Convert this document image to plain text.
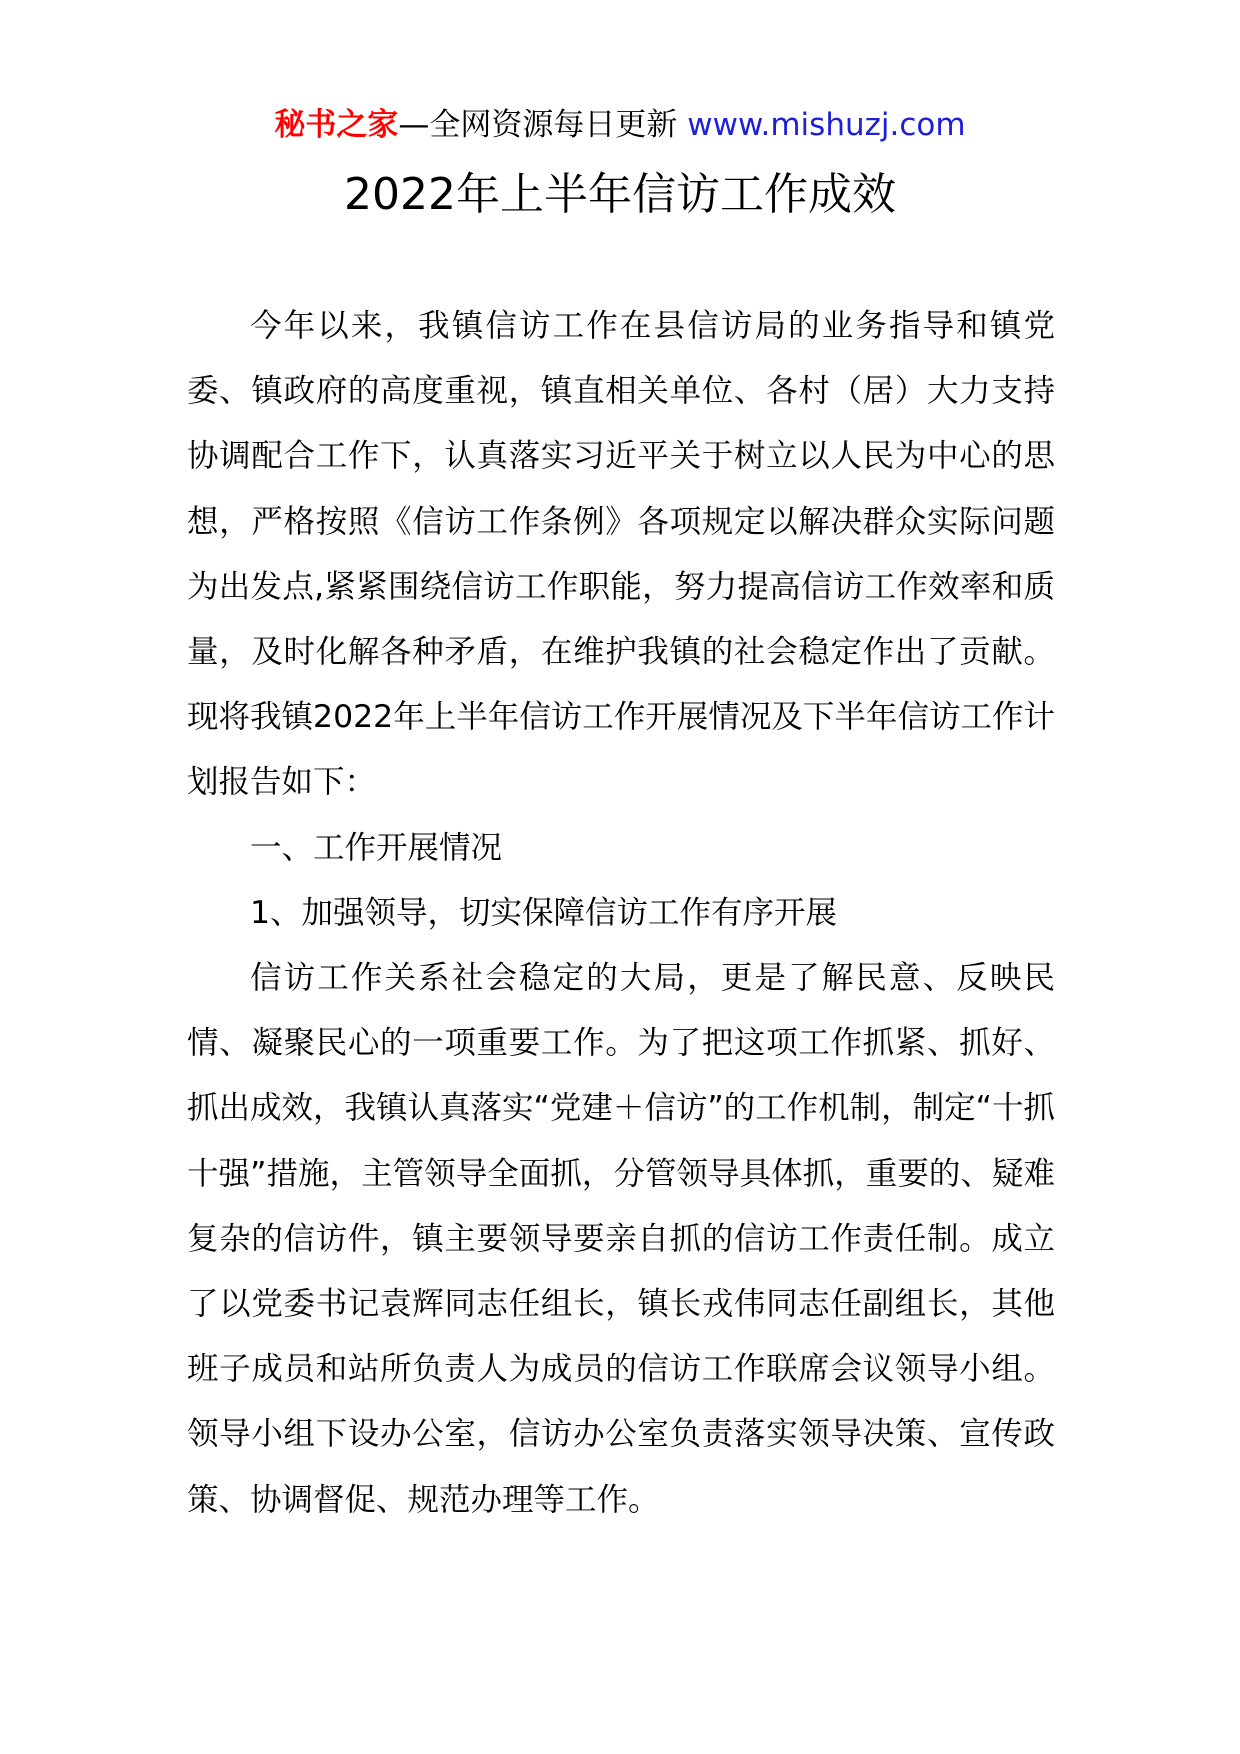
秘书之家—全网资源每日更新 www.mishuzj.com
2022年上半年信访工作成效

今年以来，我镇信访工作在县信访局的业务指导和镇党委、镇政府的高度重视，镇直相关单位、各村（居）大力支持协调配合工作下，认真落实习近平关于树立以人民为中心的思想，严格按照《信访工作条例》各项规定以解决群众实际问题为出发点,紧紧围绕信访工作职能，努力提高信访工作效率和质量，及时化解各种矛盾，在维护我镇的社会稳定作出了贡献。现将我镇2022年上半年信访工作开展情况及下半年信访工作计划报告如下：

一、工作开展情况

1、加强领导，切实保障信访工作有序开展

信访工作关系社会稳定的大局，更是了解民意、反映民情、凝聚民心的一项重要工作。为了把这项工作抓紧、抓好、抓出成效，我镇认真落实“党建＋信访”的工作机制，制定“十抓十强”措施，主管领导全面抓，分管领导具体抓，重要的、疑难复杂的信访件，镇主要领导要亲自抓的信访工作责任制。成立了以党委书记袁辉同志任组长，镇长戎伟同志任副组长，其他班子成员和站所负责人为成员的信访工作联席会议领导小组。领导小组下设办公室，信访办公室负责落实领导决策、宣传政策、协调督促、规范办理等工作。
